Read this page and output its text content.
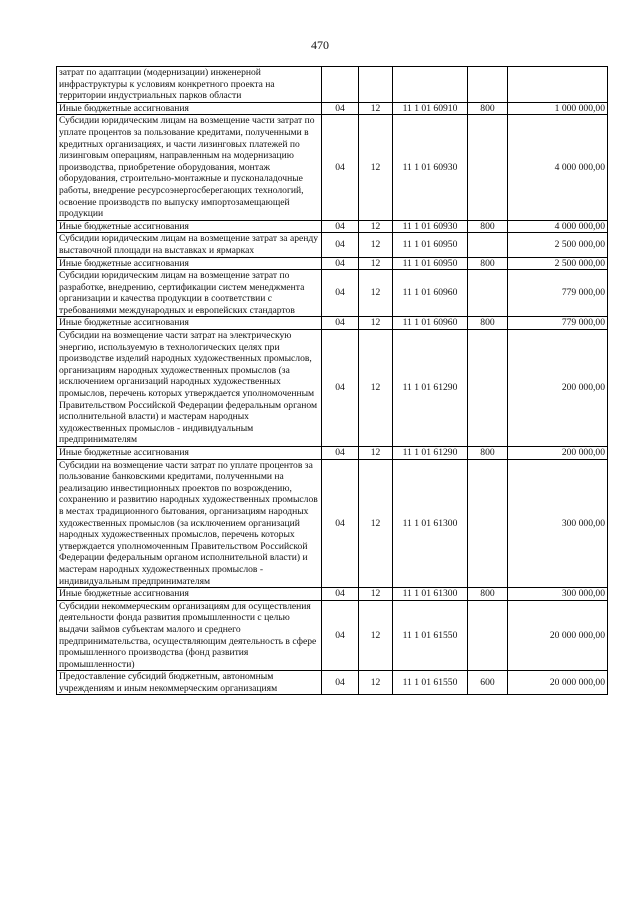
470
затрат по адаптации (модернизации) инженерной инфраструктуры к условиям конкретного проекта на территории индустриальных парков области					
Иные бюджетные ассигнования	04	12	11 1 01 60910	800	1 000 000,00
Субсидии юридическим лицам на возмещение части затрат по уплате процентов за пользование кредитами, полученными в кредитных организациях, и части лизинговых платежей по лизинговым операциям, направленным на модернизацию производства, приобретение оборудования, монтаж оборудования, строительно-монтажные и пусконаладочные работы, внедрение ресурсоэнергосберегающих технологий, освоение производств по выпуску импортозамещающей продукции	04	12	11 1 01 60930		4 000 000,00
Иные бюджетные ассигнования	04	12	11 1 01 60930	800	4 000 000,00
Субсидии юридическим лицам на возмещение затрат за аренду выставочной площади на выставках и ярмарках	04	12	11 1 01 60950		2 500 000,00
Иные бюджетные ассигнования	04	12	11 1 01 60950	800	2 500 000,00
Субсидии юридическим лицам на возмещение затрат по разработке, внедрению, сертификации систем менеджмента организации и качества продукции в соответствии с требованиями международных и европейских стандартов	04	12	11 1 01 60960		779 000,00
Иные бюджетные ассигнования	04	12	11 1 01 60960	800	779 000,00
Субсидии на возмещение части затрат на электрическую энергию, используемую в технологических целях при производстве изделий народных художественных промыслов, организациям народных художественных промыслов (за исключением организаций народных художественных промыслов, перечень которых утверждается уполномоченным Правительством Российской Федерации федеральным органом исполнительной власти) и мастерам народных художественных промыслов - индивидуальным предпринимателям	04	12	11 1 01 61290		200 000,00
Иные бюджетные ассигнования	04	12	11 1 01 61290	800	200 000,00
Субсидии на возмещение части затрат по уплате процентов за пользование банковскими кредитами, полученными на реализацию инвестиционных проектов по возрождению, сохранению и развитию народных художественных промыслов в местах традиционного бытования, организациям народных художественных промыслов (за исключением организаций народных художественных промыслов, перечень которых утверждается уполномоченным Правительством Российской Федерации федеральным органом исполнительной власти) и мастерам народных художественных промыслов - индивидуальным предпринимателям	04	12	11 1 01 61300		300 000,00
Иные бюджетные ассигнования	04	12	11 1 01 61300	800	300 000,00
Субсидии некоммерческим организациям для осуществления деятельности фонда развития промышленности с целью выдачи займов субъектам малого и среднего предпринимательства, осуществляющим деятельность в сфере промышленного производства (фонд развития промышленности)	04	12	11 1 01 61550		20 000 000,00
Предоставление субсидий бюджетным, автономным учреждениям и иным некоммерческим организациям	04	12	11 1 01 61550	600	20 000 000,00
